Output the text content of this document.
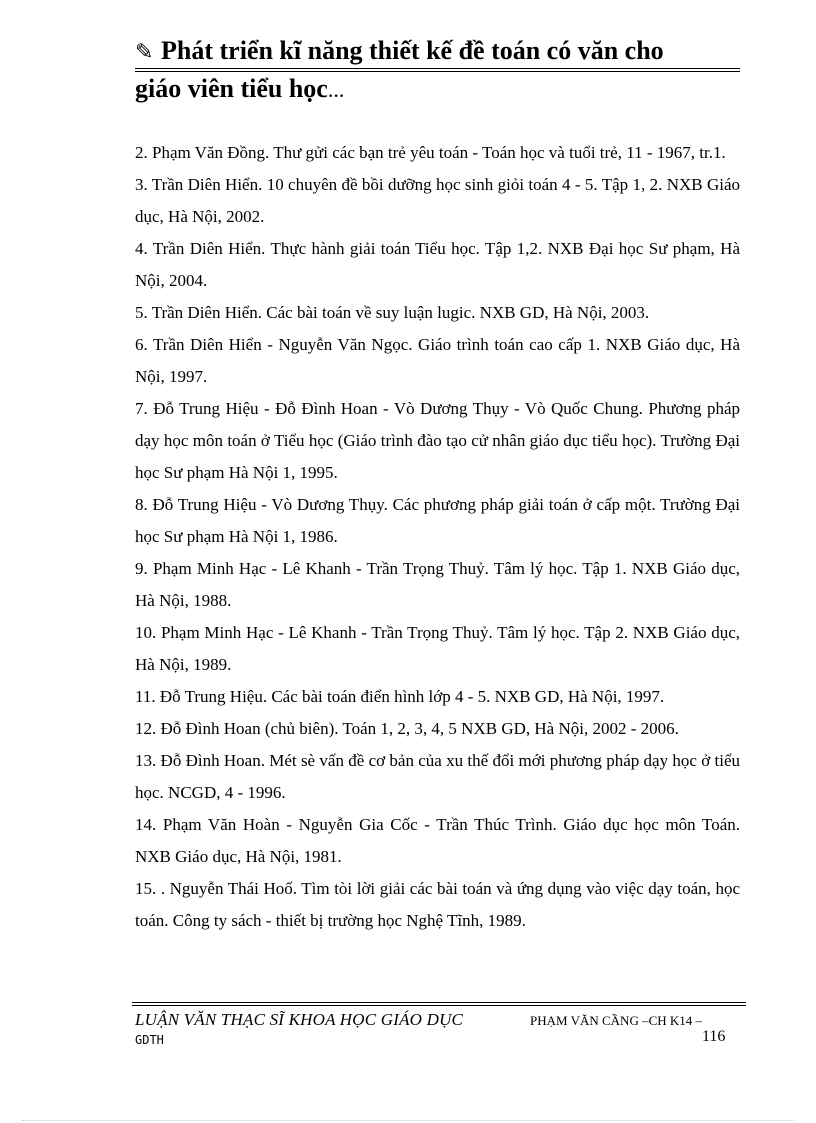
✎ Phát triển kĩ năng thiết kế đề toán có văn cho
giáo viên tiểu học...

2. Phạm Văn Đồng. Thư gửi các bạn trẻ yêu toán - Toán học và tuổi trẻ, 11 - 1967, tr.1.

3. Trần Diên Hiển. 10 chuyên đề bồi dưỡng học sinh giỏi toán 4 - 5. Tập 1, 2. NXB Giáo dục, Hà Nội, 2002.

4. Trần Diên Hiển. Thực hành giải toán Tiểu học. Tập 1,2. NXB Đại học Sư phạm, Hà Nội, 2004.

5. Trần Diên Hiển. Các bài toán về suy luận lugic. NXB GD, Hà Nội, 2003.

6. Trần Diên Hiển - Nguyễn Văn Ngọc. Giáo trình toán cao cấp 1. NXB Giáo dục, Hà Nội, 1997.

7. Đỗ Trung Hiệu - Đỗ Đình Hoan - Vò Dương Thụy - Vò Quốc Chung. Phương pháp dạy học môn toán ở Tiểu học (Giáo trình đào tạo cử nhân giáo dục tiểu học). Trường Đại học Sư phạm Hà Nội 1, 1995.

8. Đỗ Trung Hiệu - Vò Dương Thụy. Các phương pháp giải toán ở cấp một. Trường Đại học Sư phạm Hà Nội 1, 1986.

9. Phạm Minh Hạc - Lê Khanh - Trần Trọng Thuỷ. Tâm lý học. Tập 1. NXB Giáo dục, Hà Nội, 1988.

10. Phạm Minh Hạc - Lê Khanh - Trần Trọng Thuỷ. Tâm lý học. Tập 2. NXB Giáo dục, Hà Nội, 1989.

11. Đỗ Trung Hiệu. Các bài toán điển hình lớp 4 - 5. NXB GD, Hà Nội, 1997.

12. Đỗ Đình Hoan (chủ biên). Toán 1, 2, 3, 4, 5 NXB GD, Hà Nội, 2002 - 2006.

13. Đỗ Đình Hoan. Mét sè vấn đề cơ bản của xu thế đổi mới phương pháp dạy học ở tiểu học. NCGD, 4 - 1996.

14. Phạm Văn Hoàn - Nguyễn Gia Cốc - Trần Thúc Trình. Giáo dục học môn Toán. NXB Giáo dục, Hà Nội, 1981.

15. . Nguyễn Thái Hoố. Tìm tòi lời giải các bài toán và ứng dụng vào việc dạy toán, học toán. Công ty sách - thiết bị trường học Nghệ Tĩnh, 1989.

LUẬN VĂN THẠC SĨ KHOA HỌC GIÁO DỤC	PHẠM VĂN CẦNG –CH K14 –
GDTH	116
